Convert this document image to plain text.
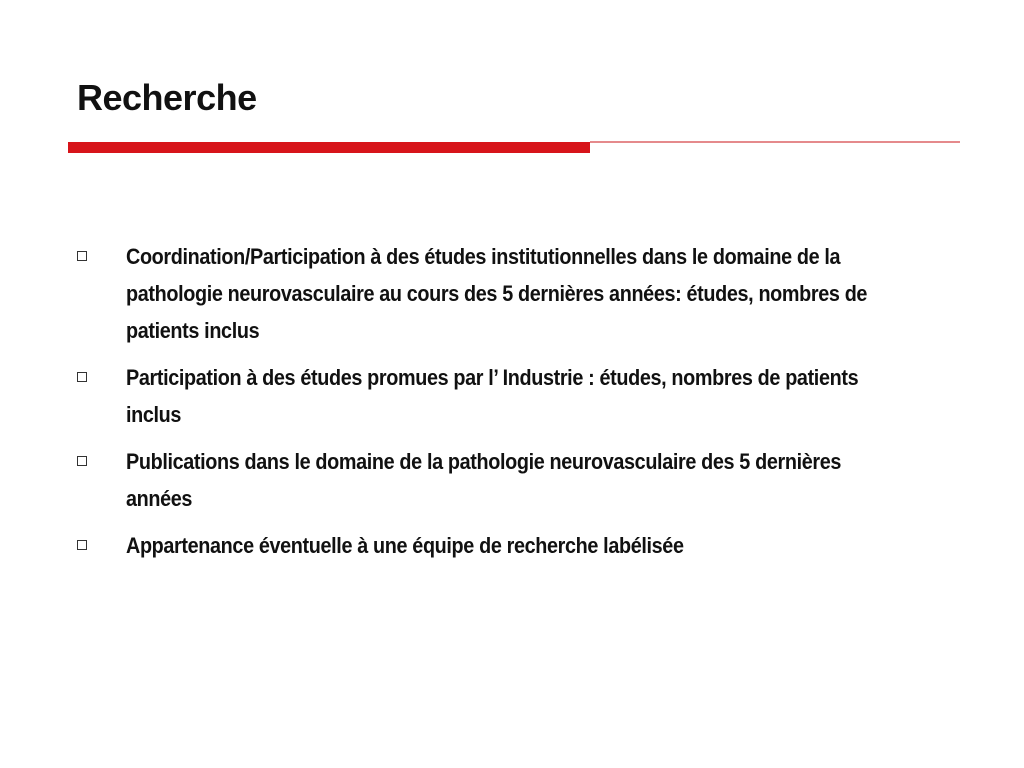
Recherche
Coordination/Participation à des études institutionnelles dans le domaine de la pathologie neurovasculaire au cours des 5 dernières années: études, nombres de patients inclus
Participation à des études promues par l’ Industrie : études, nombres de patients inclus
Publications dans le domaine de la pathologie neurovasculaire des 5 dernières années
Appartenance éventuelle à une équipe de recherche labélisée
